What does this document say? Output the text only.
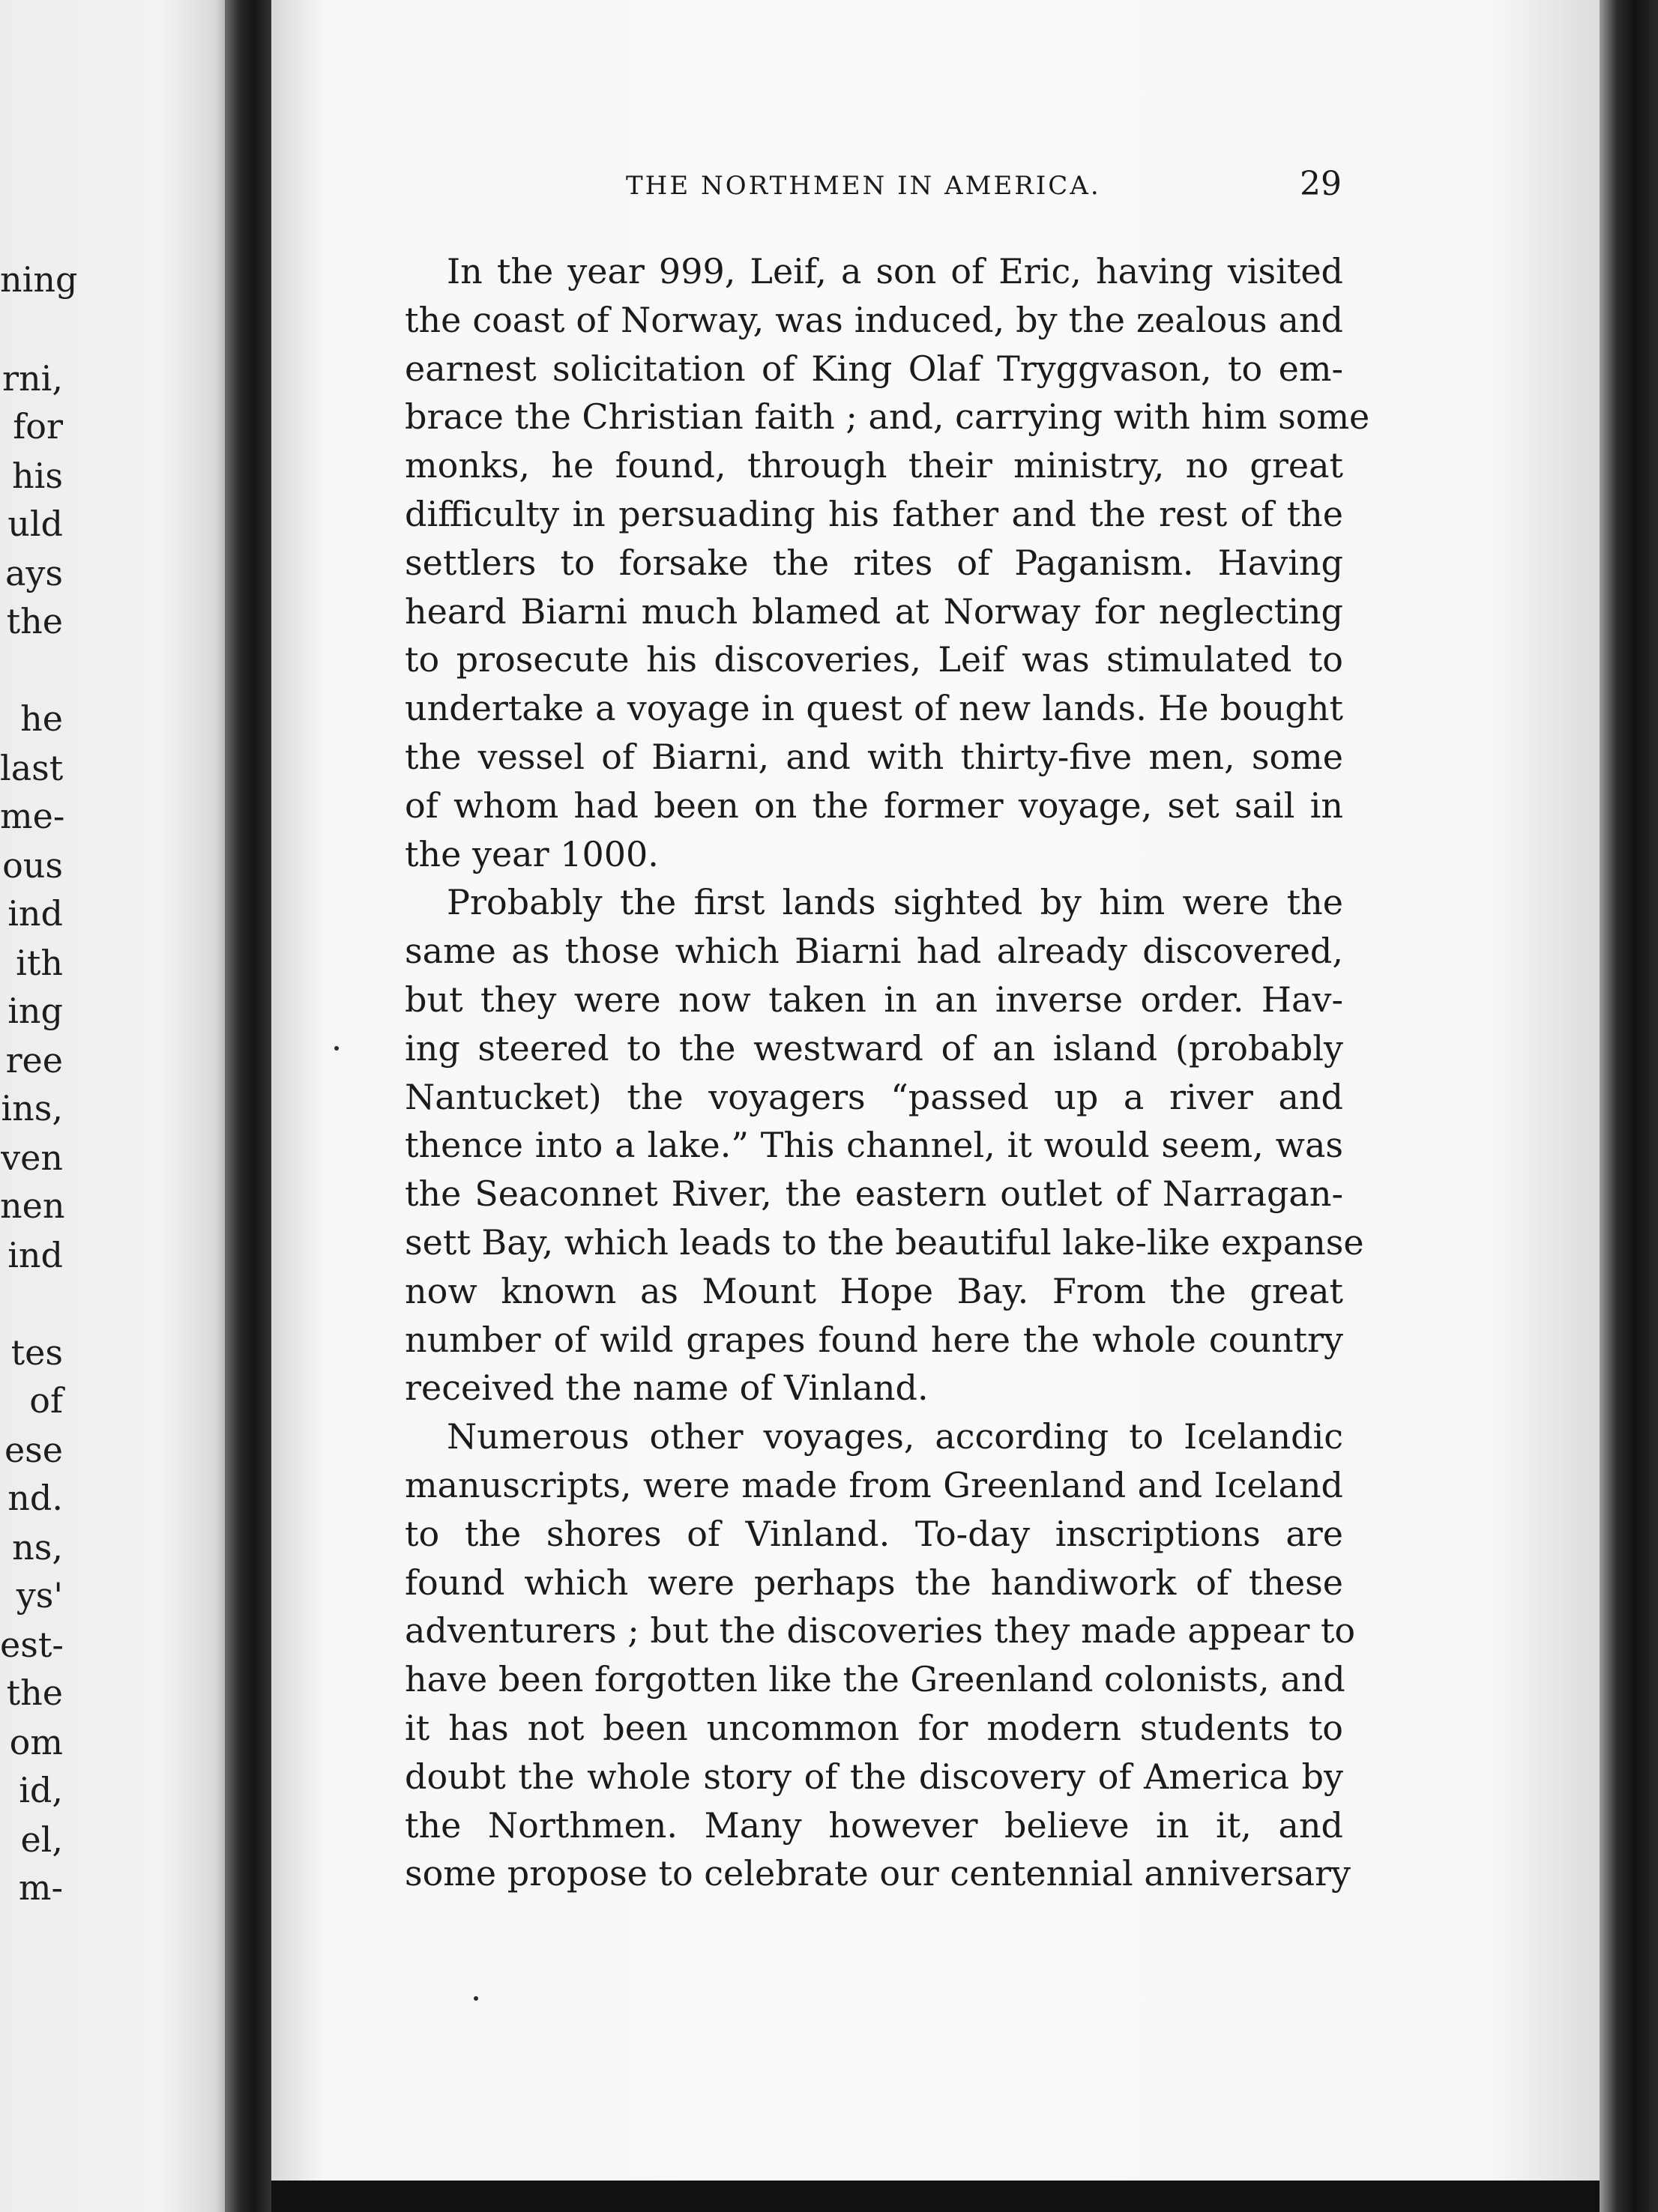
ning
rni,
for
his
uld
ays
the
he
last
me-
ous
ind
ith
ing
ree
ins,
ven
nen
ind
tes
of
ese
nd.
ns,
ys'
est-
the
om
id,
el,
m-
THE NORTHMEN IN AMERICA.	29
In the year 999, Leif, a son of Eric, having visited
the coast of Norway, was induced, by the zealous and
earnest solicitation of King Olaf Tryggvason, to em-
brace the Christian faith ; and, carrying with him some
monks, he found, through their ministry, no great
difficulty in persuading his father and the rest of the
settlers to forsake the rites of Paganism. Having
heard Biarni much blamed at Norway for neglecting
to prosecute his discoveries, Leif was stimulated to
undertake a voyage in quest of new lands. He bought
the vessel of Biarni, and with thirty-five men, some
of whom had been on the former voyage, set sail in
the year 1000.
Probably the first lands sighted by him were the
same as those which Biarni had already discovered,
but they were now taken in an inverse order. Hav-
ing steered to the westward of an island (probably
Nantucket) the voyagers “passed up a river and
thence into a lake.” This channel, it would seem, was
the Seaconnet River, the eastern outlet of Narragan-
sett Bay, which leads to the beautiful lake-like expanse
now known as Mount Hope Bay. From the great
number of wild grapes found here the whole country
received the name of Vinland.
Numerous other voyages, according to Icelandic
manuscripts, were made from Greenland and Iceland
to the shores of Vinland. To-day inscriptions are
found which were perhaps the handiwork of these
adventurers ; but the discoveries they made appear to
have been forgotten like the Greenland colonists, and
it has not been uncommon for modern students to
doubt the whole story of the discovery of America by
the Northmen. Many however believe in it, and
some propose to celebrate our centennial anniversary
